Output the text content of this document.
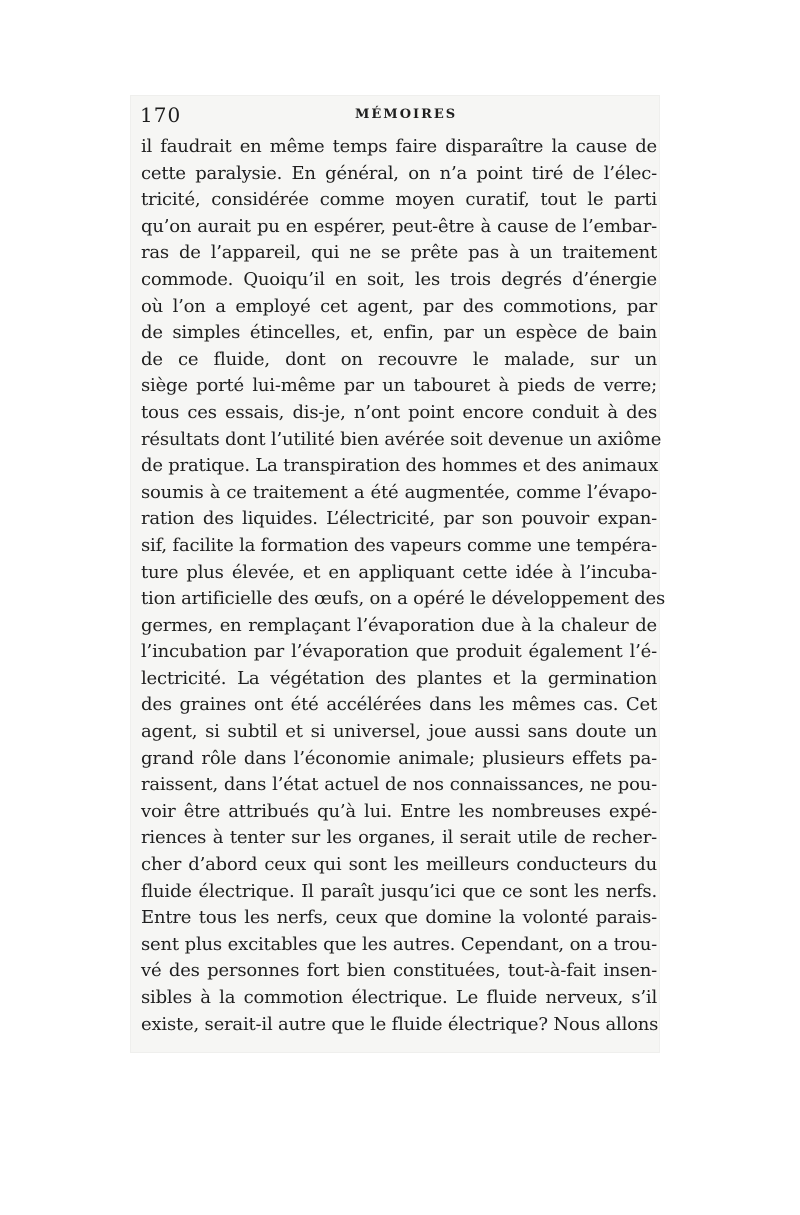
170	MÉMOIRES
il faudrait en même temps faire disparaître la cause de
cette paralysie. En général, on n’a point tiré de l’élec-
tricité, considérée comme moyen curatif, tout le parti
qu’on aurait pu en espérer, peut-être à cause de l’embar-
ras de l’appareil, qui ne se prête pas à un traitement
commode. Quoiqu’il en soit, les trois degrés d’énergie
où l’on a employé cet agent, par des commotions, par
de simples étincelles, et, enfin, par un espèce de bain
de ce fluide, dont on recouvre le malade, sur un
siège porté lui-même par un tabouret à pieds de verre;
tous ces essais, dis-je, n’ont point encore conduit à des
résultats dont l’utilité bien avérée soit devenue un axiôme
de pratique. La transpiration des hommes et des animaux
soumis à ce traitement a été augmentée, comme l’évapo-
ration des liquides. L’électricité, par son pouvoir expan-
sif, facilite la formation des vapeurs comme une tempéra-
ture plus élevée, et en appliquant cette idée à l’incuba-
tion artificielle des œufs, on a opéré le développement des
germes, en remplaçant l’évaporation due à la chaleur de
l’incubation par l’évaporation que produit également l’é-
lectricité. La végétation des plantes et la germination
des graines ont été accélérées dans les mêmes cas. Cet
agent, si subtil et si universel, joue aussi sans doute un
grand rôle dans l’économie animale; plusieurs effets pa-
raissent, dans l’état actuel de nos connaissances, ne pou-
voir être attribués qu’à lui. Entre les nombreuses expé-
riences à tenter sur les organes, il serait utile de recher-
cher d’abord ceux qui sont les meilleurs conducteurs du
fluide électrique. Il paraît jusqu’ici que ce sont les nerfs.
Entre tous les nerfs, ceux que domine la volonté parais-
sent plus excitables que les autres. Cependant, on a trou-
vé des personnes fort bien constituées, tout-à-fait insen-
sibles à la commotion électrique. Le fluide nerveux, s’il
existe, serait-il autre que le fluide électrique? Nous allons
